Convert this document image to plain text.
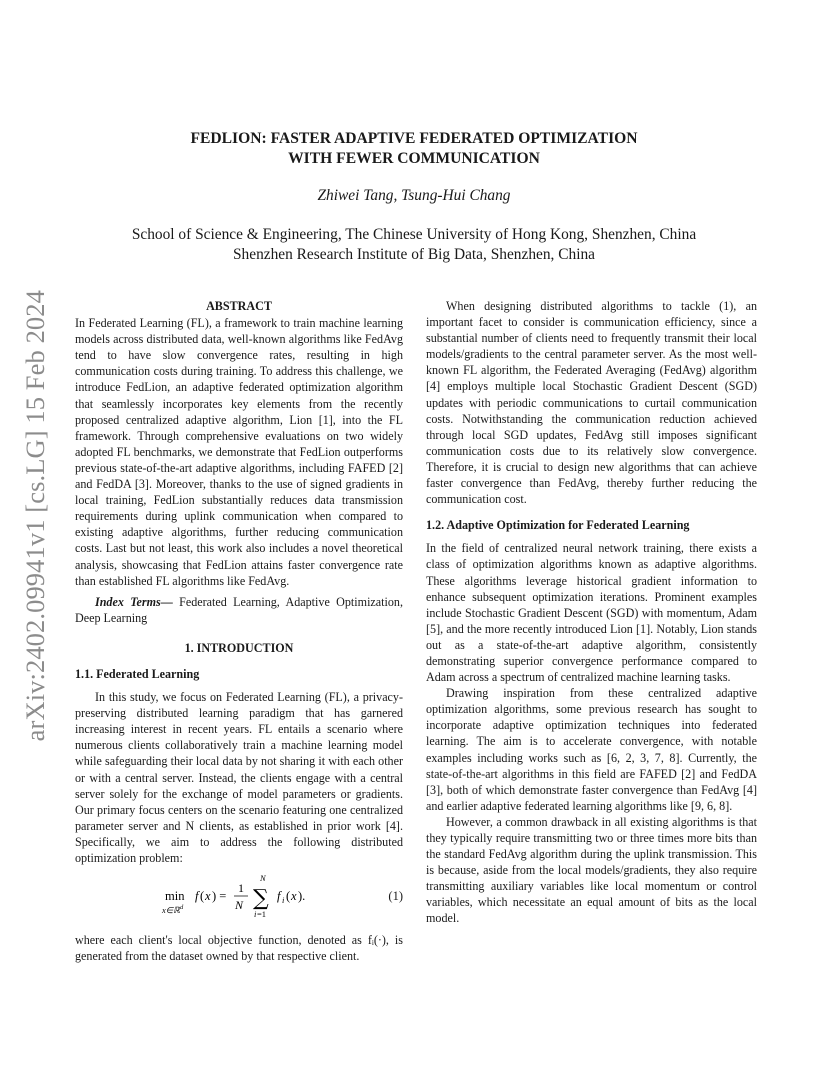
arXiv:2402.09941v1 [cs.LG] 15 Feb 2024
FEDLION: FASTER ADAPTIVE FEDERATED OPTIMIZATION
WITH FEWER COMMUNICATION
Zhiwei Tang, Tsung-Hui Chang
School of Science & Engineering, The Chinese University of Hong Kong, Shenzhen, China
Shenzhen Research Institute of Big Data, Shenzhen, China
ABSTRACT

In Federated Learning (FL), a framework to train machine learning models across distributed data, well-known algorithms like FedAvg tend to have slow convergence rates, resulting in high communication costs during training. To address this challenge, we introduce FedLion, an adaptive federated optimization algorithm that seamlessly incorporates key elements from the recently proposed centralized adaptive algorithm, Lion [1], into the FL framework. Through comprehensive evaluations on two widely adopted FL benchmarks, we demonstrate that FedLion outperforms previous state-of-the-art adaptive algorithms, including FAFED [2] and FedDA [3]. Moreover, thanks to the use of signed gradients in local training, FedLion substantially reduces data transmission requirements during uplink communication when compared to existing adaptive algorithms, further reducing communication costs. Last but not least, this work also includes a novel theoretical analysis, showcasing that FedLion attains faster convergence rate than established FL algorithms like FedAvg.

Index Terms— Federated Learning, Adaptive Optimization, Deep Learning

1. INTRODUCTION
1.1. Federated Learning

In this study, we focus on Federated Learning (FL), a privacy-preserving distributed learning paradigm that has garnered increasing interest in recent years. FL entails a scenario where numerous clients collaboratively train a machine learning model while safeguarding their local data by not sharing it with each other or with a central server. Instead, the clients engage with a central server solely for the exchange of model parameters or gradients. Our primary focus centers on the scenario featuring one centralized parameter server and N clients, as established in prior work [4]. Specifically, we aim to address the following distributed optimization problem:

min
x∈ℝ d
f ( x ) =
1
N
N
∑
i =1
f i ( x ).	(1)

where each client's local objective function, denoted as fᵢ(·), is generated from the dataset owned by that respective client.

When designing distributed algorithms to tackle (1), an important facet to consider is communication efficiency, since a substantial number of clients need to frequently transmit their local models/gradients to the central parameter server. As the most well-known FL algorithm, the Federated Averaging (FedAvg) algorithm [4] employs multiple local Stochastic Gradient Descent (SGD) updates with periodic communications to curtail communication costs. Notwithstanding the communication reduction achieved through local SGD updates, FedAvg still imposes significant communication costs due to its relatively slow convergence. Therefore, it is crucial to design new algorithms that can achieve faster convergence than FedAvg, thereby further reducing the communication cost.

1.2. Adaptive Optimization for Federated Learning

In the field of centralized neural network training, there exists a class of optimization algorithms known as adaptive algorithms. These algorithms leverage historical gradient information to enhance subsequent optimization iterations. Prominent examples include Stochastic Gradient Descent (SGD) with momentum, Adam [5], and the more recently introduced Lion [1]. Notably, Lion stands out as a state-of-the-art adaptive algorithm, consistently demonstrating superior convergence performance compared to Adam across a spectrum of centralized machine learning tasks.

Drawing inspiration from these centralized adaptive optimization algorithms, some previous research has sought to incorporate adaptive optimization techniques into federated learning. The aim is to accelerate convergence, with notable examples including works such as [6, 2, 3, 7, 8]. Currently, the state-of-the-art algorithms in this field are FAFED [2] and FedDA [3], both of which demonstrate faster convergence than FedAvg [4] and earlier adaptive federated learning algorithms like [9, 6, 8].

However, a common drawback in all existing algorithms is that they typically require transmitting two or three times more bits than the standard FedAvg algorithm during the uplink transmission. This is because, aside from the local models/gradients, they also require transmitting auxiliary variables like local momentum or control variables, which necessitate an equal amount of bits as the local model.
